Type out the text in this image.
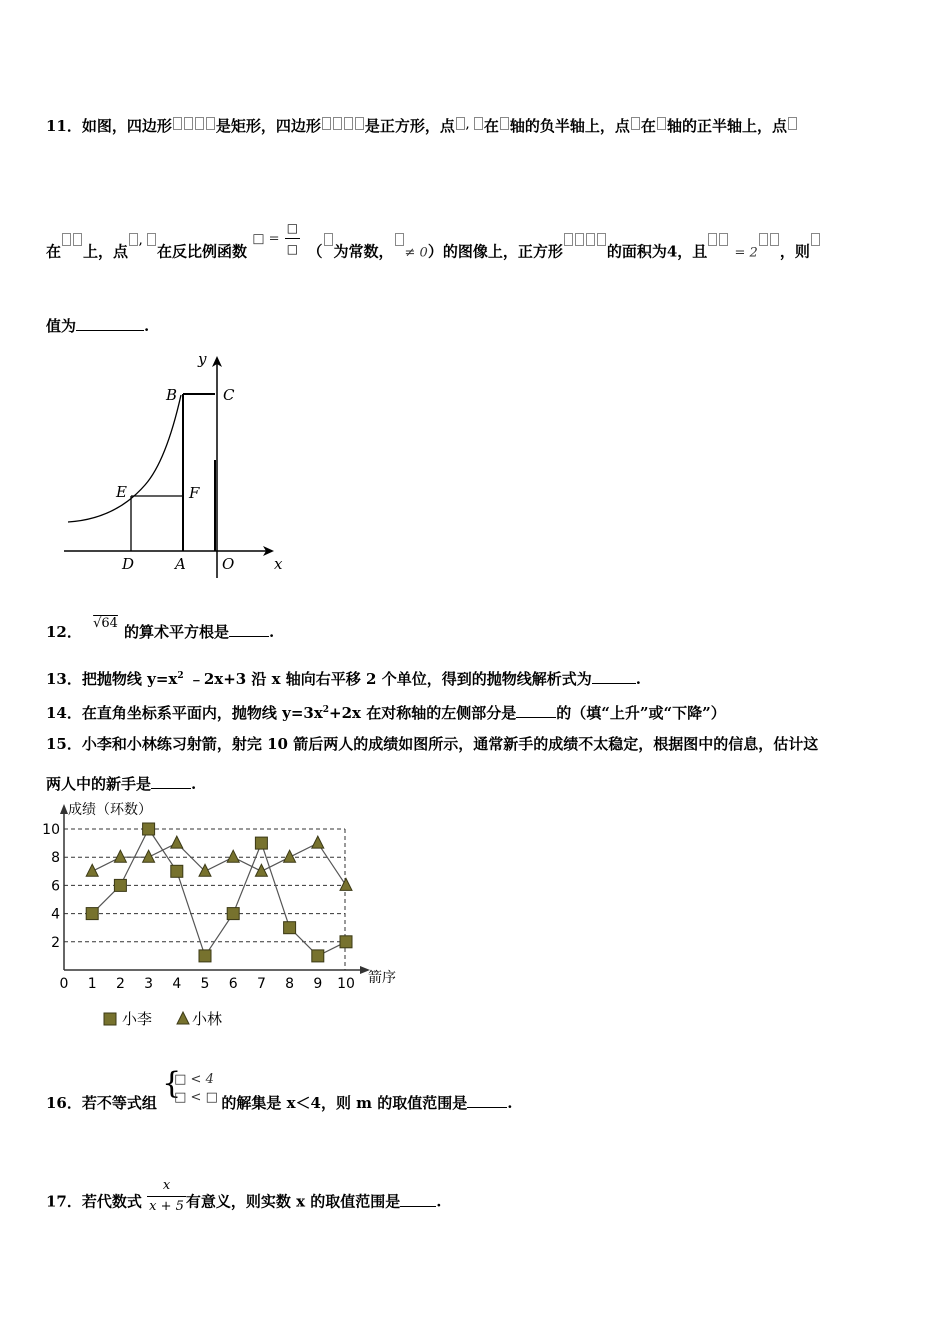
11．如图，四边形	是矩形，四边形	是正方形，点 , 在 轴的负半轴上，点 在 轴的正半轴上，点
在 上，点, 在反比例函数 □ = $\frac{□}{□}$ （ 为常数， ≠ 0）的图像上，正方形	的面积为4，且 = 2 ，则
值为	.
y
x
B	C
E	F
D	A O
12． √64 的算术平方根是	.
13．把抛物线 $y=x^2$ ﹣2x+3 沿 x 轴向右平移 2 个单位，得到的抛物线解析式为	.
14．在直角坐标系平面内，抛物线 $y=3x^2+2x$ 在对称轴的左侧部分是	的（填“上升”或“下降”）
15．小李和小林练习射箭，射完 10 箭后两人的成绩如图所示，通常新手的成绩不太稳定，根据图中的信息，估计这
两人中的新手是	.
0 1 2 3 4 5 6 7 8 9 10
2
4
6
8
10
成绩（环数）
箭序
小李	小林
16．若不等式组
{
□ < 4
□ < □ 的解集是 x＜4，则 m 的取值范围是	.
17．若代数式 $\frac{x}{x + 5}$ 有意义，则实数 x 的取值范围是 .
